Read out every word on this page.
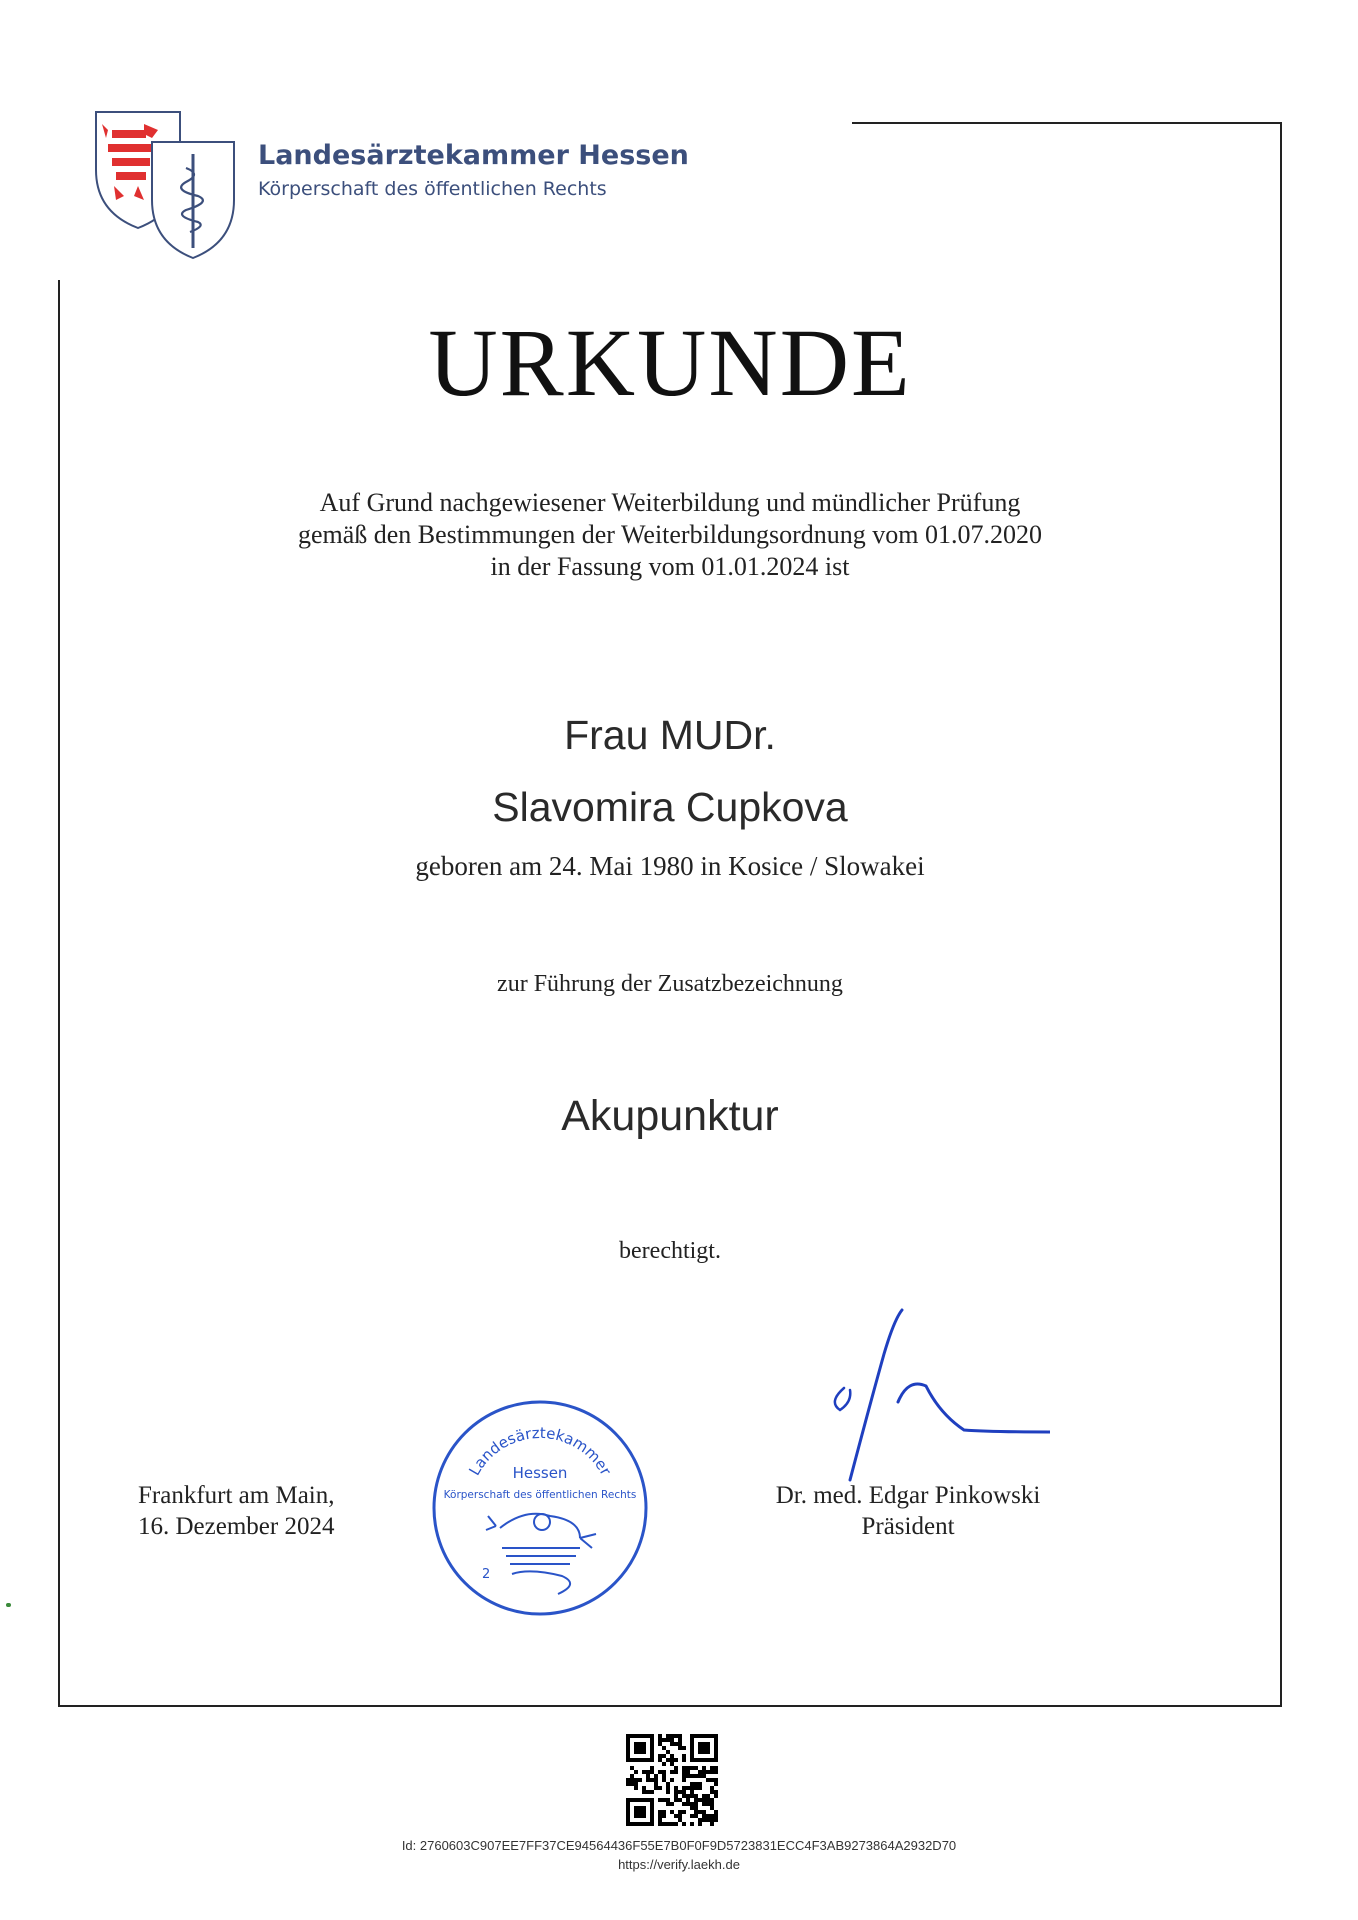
Landesärztekammer Hessen
Körperschaft des öffentlichen Rechts
URKUNDE
Auf Grund nachgewiesener Weiterbildung und mündlicher Prüfung
gemäß den Bestimmungen der Weiterbildungsordnung vom 01.07.2020
in der Fassung vom 01.01.2024 ist
Frau MUDr.
Slavomira Cupkova
geboren am 24. Mai 1980 in Kosice / Slowakei
zur Führung der Zusatzbezeichnung
Akupunktur
berechtigt.
Frankfurt am Main,
16. Dezember 2024
Landesärztekammer
Hessen
Körperschaft des öffentlichen Rechts
2
Dr. med. Edgar Pinkowski
Präsident
Id: 2760603C907EE7FF37CE94564436F55E7B0F0F9D5723831ECC4F3AB9273864A2932D70
https://verify.laekh.de
